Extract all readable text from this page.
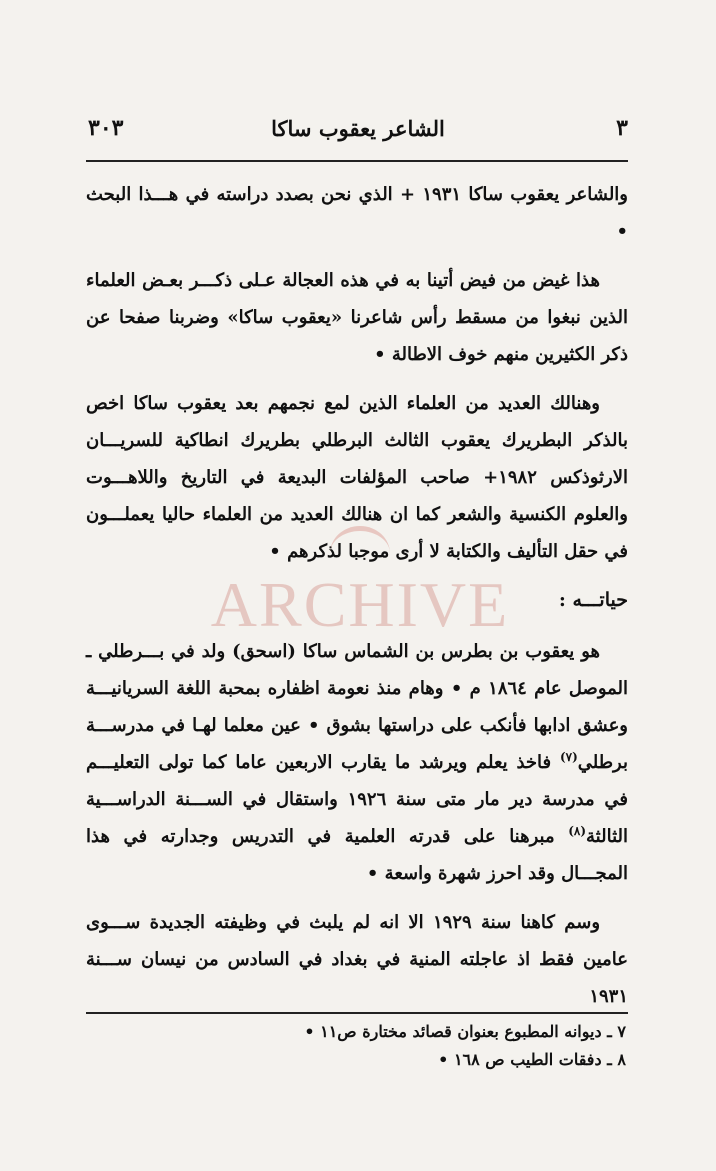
٣
الشاعر يعقوب ساكا
٣٠٣

والشاعر يعقوب ساكا ١٩٣١ + الذي نحن بصدد دراسته في هـــذا البحث •

هذا غيض من فيض أتينا به في هذه العجالة عـلى ذكـــر بعـض العلماء الذين نبغوا من مسقط رأس شاعرنا «يعقوب ساكا» وضربنا صفحا عن ذكر الكثيرين منهم خوف الاطالة •

وهنالك العديد من العلماء الذين لمع نجمهم بعد يعقوب ساكا اخص بالذكر البطريرك يعقوب الثالث البرطلي بطريرك انطاكية للسريـــان الارثوذكس ١٩٨٢+ صاحب المؤلفات البديعة في التاريخ واللاهـــوت والعلوم الكنسية والشعر كما ان هنالك العديد من العلماء حاليا يعملـــون في حقل التأليف والكتابة لا أرى موجبا لذكرهم •

حياتـــه :

هو يعقوب بن بطرس بن الشماس ساكا (اسحق) ولد في بـــرطلي ـ الموصل عام ١٨٦٤ م • وهام منذ نعومة اظفاره بمحبة اللغة السريانيـــة وعشق ادابها فأنكب على دراستها بشوق • عين معلما لهـا في مدرســـة برطلي$^{(٧)}$ فاخذ يعلم ويرشد ما يقارب الاربعين عاما كما تولى التعليـــم في مدرسة دير مار متى سنة ١٩٢٦ واستقال في الســـنة الدراســـية الثالثة$^{(٨)}$ مبرهنا على قدرته العلمية في التدريس وجدارته في هذا المجـــال وقد احرز شهرة واسعة •

وسم كاهنا سنة ١٩٢٩ الا انه لم يلبث في وظيفته الجديدة ســـوى عامين فقط اذ عاجلته المنية في بغداد في السادس من نيسان ســـنة ١٩٣١

٧ ـ ديوانه المطبوع بعنوان قصائد مختارة ص١١ •
٨ ـ دفقات الطيب ص ١٦٨ •
ARCHIVE
